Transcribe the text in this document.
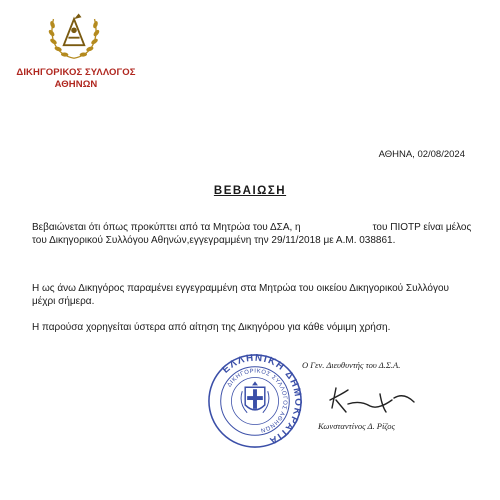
ΔΙΚΗΓΟΡΙΚΟΣ ΣΥΛΛΟΓΟΣ
ΑΘΗΝΩΝ
ΑΘΗΝΑ, 02/08/2024
ΒΕΒΑΙΩΣΗ
Βεβαιώνεται ότι όπως προκύπτει από τα Μητρώα του ΔΣΑ, η	του ΠΙΟΤΡ είναι μέλος του Δικηγορικού Συλλόγου Αθηνών,εγγεγραμμένη την 29/11/2018 με Α.Μ. 038861.
Η ως άνω Δικηγόρος παραμένει εγγεγραμμένη στα Μητρώα του οικείου Δικηγορικού Συλλόγου μέχρι σήμερα.
Η παρούσα χορηγείται ύστερα από αίτηση της Δικηγόρου για κάθε νόμιμη χρήση.
ΕΛΛΗΝΙΚΗ ΔΗΜΟΚΡΑΤΙΑ
ΔΙΚΗΓΟΡΙΚΟΣ ΣΥΛΛΟΓΟΣ ΑΘΗΝΩΝ
Ο Γεν. Διευθυντής του Δ.Σ.Α.
Κωνσταντίνος Δ. Ρίζος
